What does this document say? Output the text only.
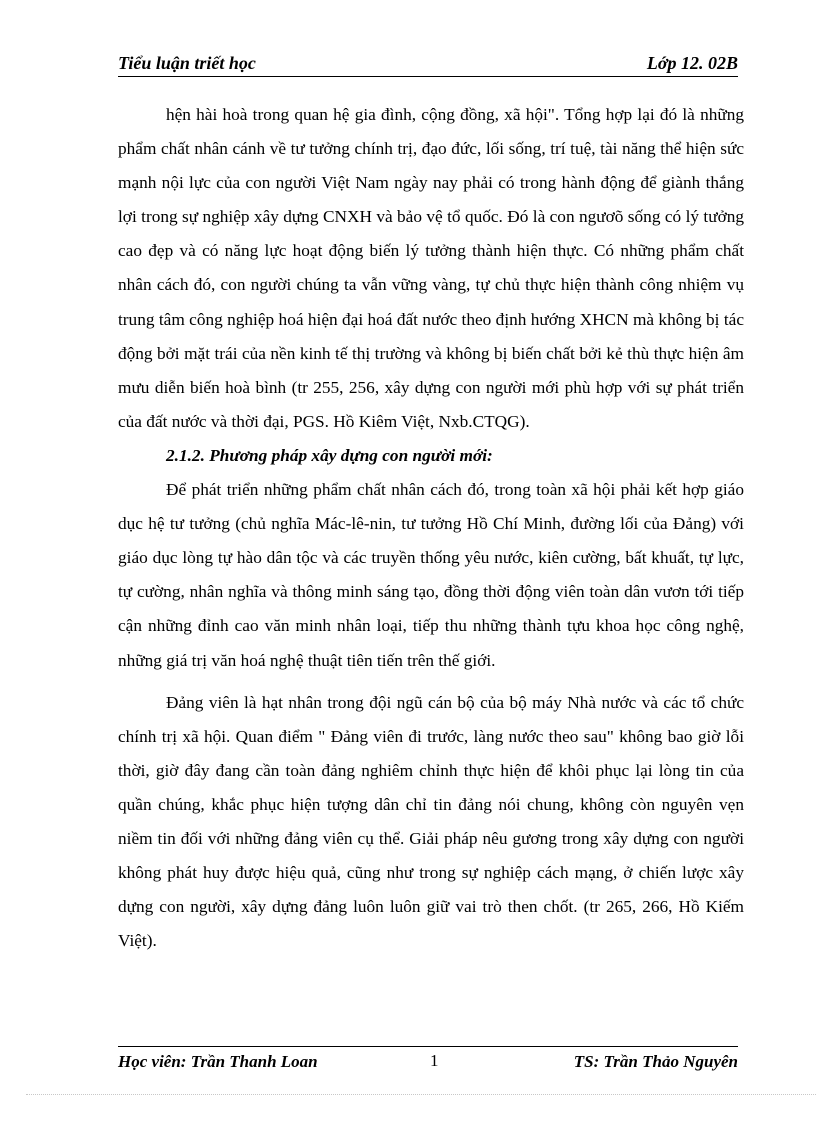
Tiểu luận triết học	Lớp 12. 02B

hện hài hoà trong quan hệ gia đình, cộng đồng, xã hội". Tổng hợp lại đó là những phẩm chất nhân cánh về tư tưởng chính trị, đạo đức, lối sống, trí tuệ, tài năng thể hiện sức mạnh nội lực của con người Việt Nam ngày nay phải có trong hành động để giành thắng lợi trong sự nghiệp xây dựng CNXH và bảo vệ tổ quốc. Đó là con ngươõ sống có lý tưởng cao đẹp và có năng lực hoạt động biến lý tưởng thành hiện thực. Có những phẩm chất nhân cách đó, con người chúng ta vẫn vững vàng, tự chủ thực hiện thành công nhiệm vụ trung tâm công nghiệp hoá hiện đại hoá đất nước theo định hướng XHCN mà không bị tác động bởi mặt trái của nền kinh tế thị trường và không bị biến chất bởi kẻ thù thực hiện âm mưu diễn biến hoà bình (tr 255, 256, xây dựng con người mới phù hợp với sự phát triển của đất nước và thời đại, PGS. Hồ Kiêm Việt, Nxb.CTQG).

2.1.2. Phương pháp xây dựng con người mới:

Để phát triển những phẩm chất nhân cách đó, trong toàn xã hội phải kết hợp giáo dục hệ tư tưởng (chủ nghĩa Mác-lê-nin, tư tưởng Hồ Chí Minh, đường lối của Đảng) với giáo dục lòng tự hào dân tộc và các truyền thống yêu nước, kiên cường, bất khuất, tự lực, tự cường, nhân nghĩa và thông minh sáng tạo, đồng thời động viên toàn dân vươn tới tiếp cận những đỉnh cao văn minh nhân loại, tiếp thu những thành tựu khoa học công nghệ, những giá trị văn hoá nghệ thuật tiên tiến trên thế giới.

Đảng viên là hạt nhân trong đội ngũ cán bộ của bộ máy Nhà nước và các tổ chức chính trị xã hội. Quan điểm " Đảng viên đi trước, làng nước theo sau" không bao giờ lỗi thời, giờ đây đang cần toàn đảng nghiêm chỉnh thực hiện để khôi phục lại lòng tin của quần chúng, khắc phục hiện tượng dân chỉ tin đảng nói chung, không còn nguyên vẹn niềm tin đối với những đảng viên cụ thể. Giải pháp nêu gương trong xây dựng con người không phát huy được hiệu quả, cũng như trong sự nghiệp cách mạng, ở chiến lược xây dựng con người, xây dựng đảng luôn luôn giữ vai trò then chốt. (tr 265, 266, Hồ Kiếm Việt).

Học viên: Trần Thanh Loan	1	TS: Trần Thảo Nguyên
